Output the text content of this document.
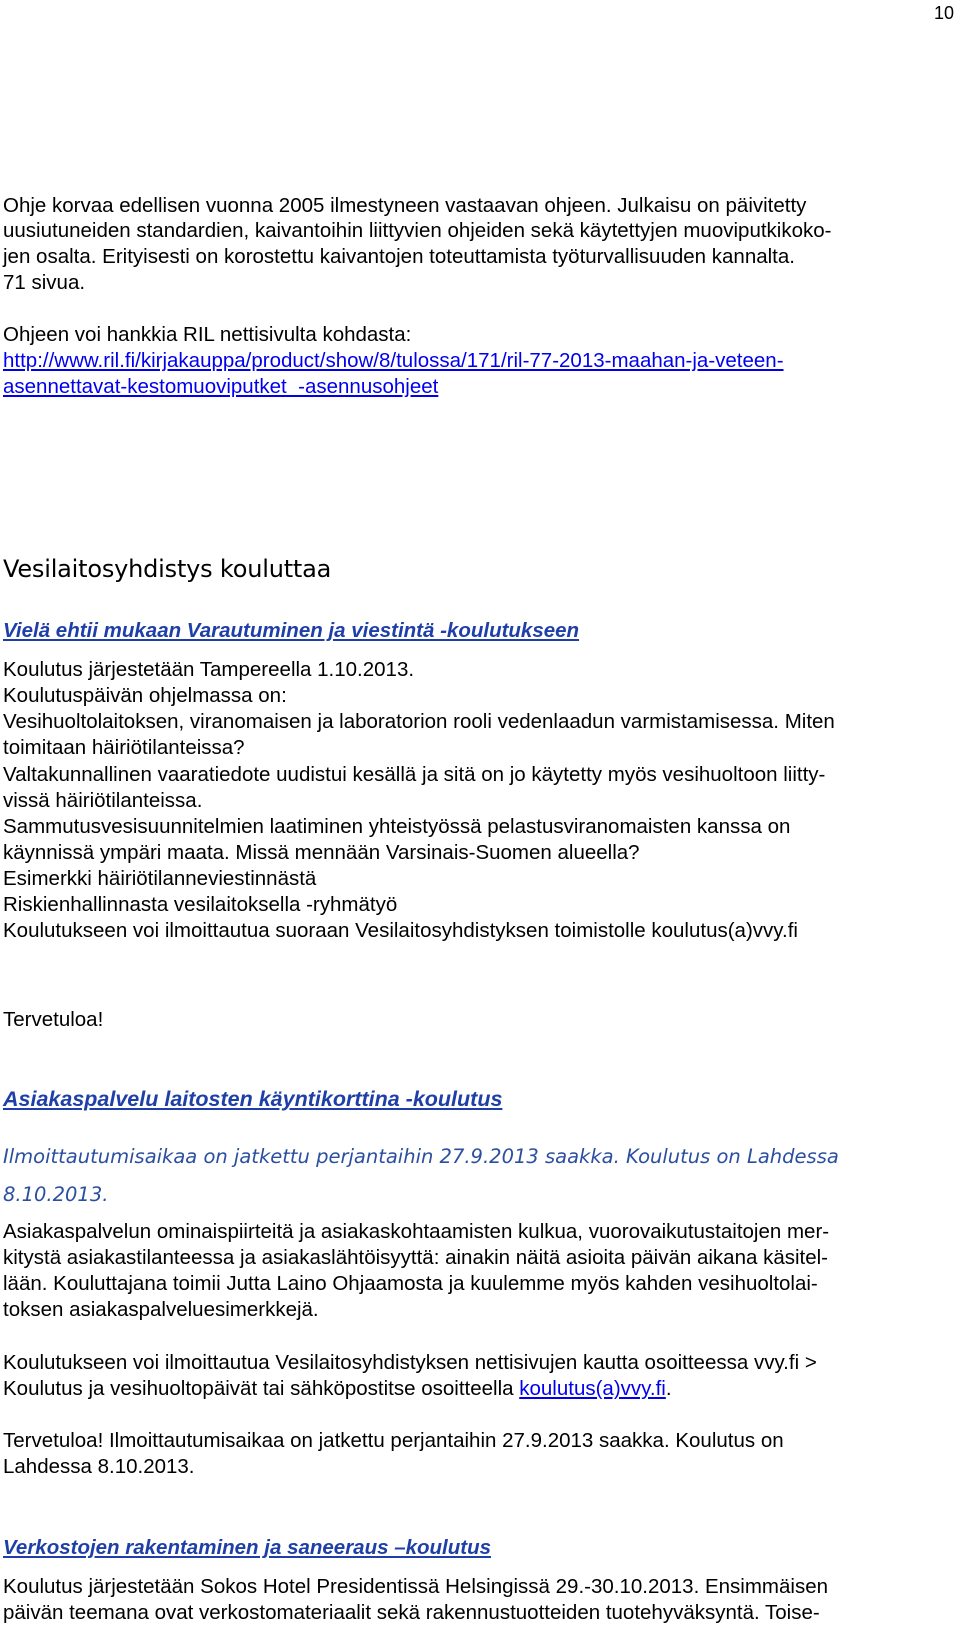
10
Ohje korvaa edellisen vuonna 2005 ilmestyneen vastaavan ohjeen. Julkaisu on päivitetty
uusiutuneiden standardien, kaivantoihin liittyvien ohjeiden sekä käytettyjen muoviputkikoko-
jen osalta. Erityisesti on korostettu kaivantojen toteuttamista työturvallisuuden kannalta.
71 sivua.
Ohjeen voi hankkia RIL nettisivulta kohdasta:
http://www.ril.fi/kirjakauppa/product/show/8/tulossa/171/ril-77-2013-maahan-ja-veteen-
asennettavat-kestomuoviputket_-asennusohjeet
Vesilaitosyhdistys kouluttaa
Vielä ehtii mukaan Varautuminen ja viestintä -koulutukseen
Koulutus järjestetään Tampereella 1.10.2013.
Koulutuspäivän ohjelmassa on:
Vesihuoltolaitoksen, viranomaisen ja laboratorion rooli vedenlaadun varmistamisessa. Miten
toimitaan häiriötilanteissa?
Valtakunnallinen vaaratiedote uudistui kesällä ja sitä on jo käytetty myös vesihuoltoon liitty-
vissä häiriötilanteissa.
Sammutusvesisuunnitelmien laatiminen yhteistyössä pelastusviranomaisten kanssa on
käynnissä ympäri maata. Missä mennään Varsinais-Suomen alueella?
Esimerkki häiriötilanneviestinnästä
Riskienhallinnasta vesilaitoksella -ryhmätyö
Koulutukseen voi ilmoittautua suoraan Vesilaitosyhdistyksen toimistolle koulutus(a)vvy.fi
Tervetuloa!
Asiakaspalvelu laitosten käyntikorttina -koulutus
Ilmoittautumisaikaa on jatkettu perjantaihin 27.9.2013 saakka. Koulutus on Lahdessa
8.10.2013.
Asiakaspalvelun ominaispiirteitä ja asiakaskohtaamisten kulkua, vuorovaikutustaitojen mer-
kitystä asiakastilanteessa ja asiakaslähtöisyyttä: ainakin näitä asioita päivän aikana käsitel-
lään. Kouluttajana toimii Jutta Laino Ohjaamosta ja kuulemme myös kahden vesihuoltolai-
toksen asiakaspalveluesimerkkejä.
Koulutukseen voi ilmoittautua Vesilaitosyhdistyksen nettisivujen kautta osoitteessa vvy.fi >
Koulutus ja vesihuoltopäivät tai sähköpostitse osoitteella koulutus(a)vvy.fi.
Tervetuloa! Ilmoittautumisaikaa on jatkettu perjantaihin 27.9.2013 saakka. Koulutus on
Lahdessa 8.10.2013.
Verkostojen rakentaminen ja saneeraus –koulutus
Koulutus järjestetään Sokos Hotel Presidentissä Helsingissä 29.-30.10.2013. Ensimmäisen
päivän teemana ovat verkostomateriaalit sekä rakennustuotteiden tuotehyväksyntä. Toise-
